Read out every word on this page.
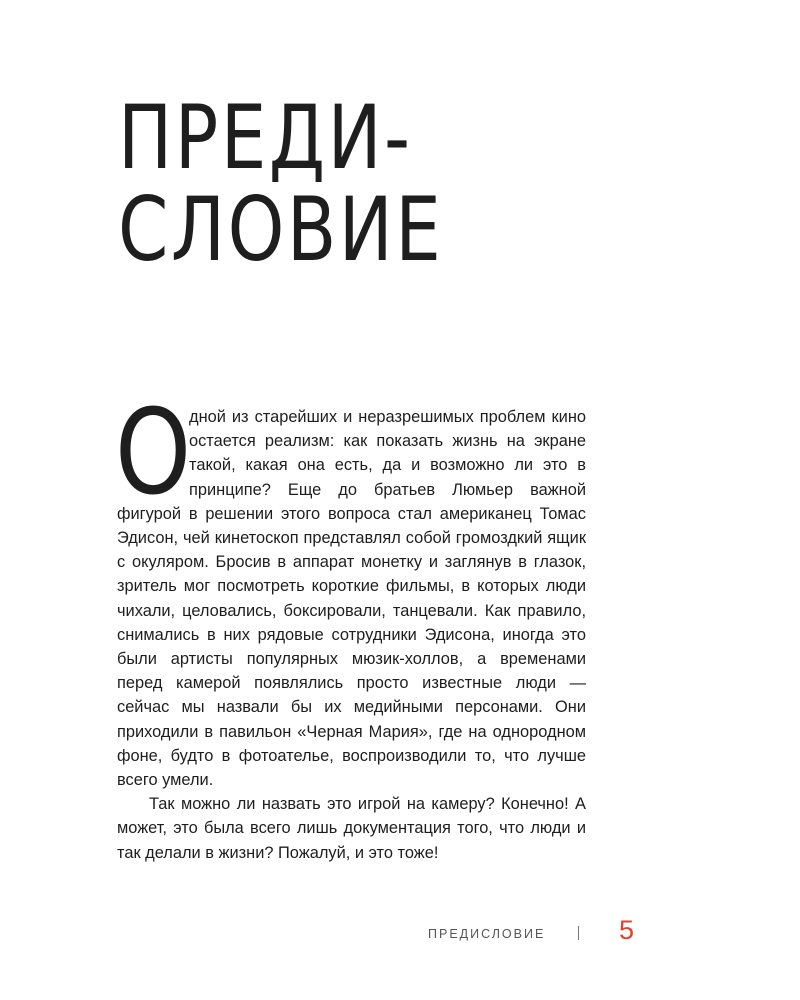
ПРЕДИ-
СЛОВИЕ

О
дной из старейших и неразрешимых проблем кино остается реализм: как показать жизнь на экране такой, какая она есть, да и возможно ли это в принципе? Еще до братьев Люмьер важной фигурой в решении этого вопроса стал американец Томас Эдисон, чей кинетоскоп представлял собой громоздкий ящик с окуляром. Бросив в аппарат монетку и заглянув в глазок, зритель мог посмотреть короткие фильмы, в которых люди чихали, целовались, боксировали, танцевали. Как правило, снимались в них рядовые сотрудники Эдисона, иногда это были артисты популярных мюзик-холлов, а временами перед камерой появлялись просто известные люди — сейчас мы назвали бы их медийными персонами. Они приходили в павильон «Черная Мария», где на однородном фоне, будто в фотоателье, воспроизводили то, что лучше всего умели.

Так можно ли назвать это игрой на камеру? Конечно! А может, это была всего лишь документация того, что люди и так делали в жизни? Пожалуй, и это тоже!

ПРЕДИСЛОВИЕ	5
